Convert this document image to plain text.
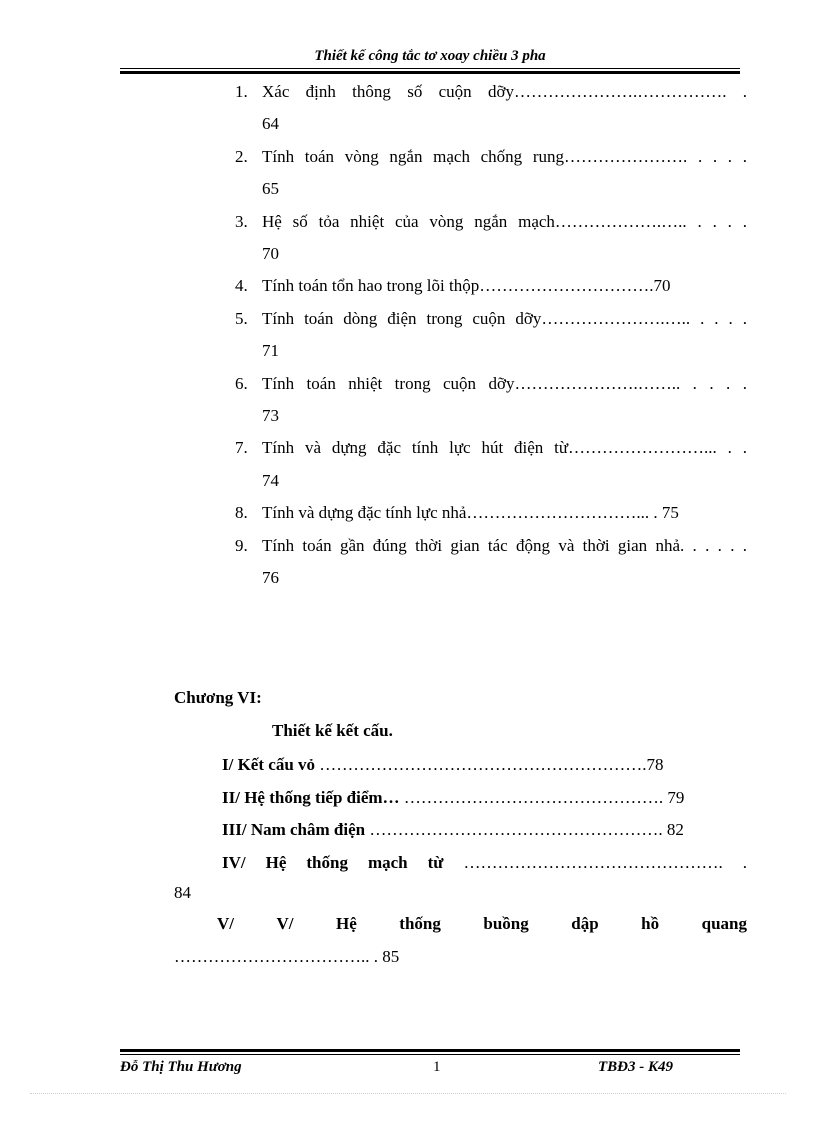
Thiết kế công tắc tơ xoay chiều 3 pha
1. Xác định thông số cuộn dỡy………………….……………. .
64
2. Tính toán vòng ngắn mạch chống rung…………………. . . . .
65
3. Hệ số tỏa nhiệt của vòng ngắn mạch……………….….. . . . .
70
4. Tính toán tổn hao trong lõi thộp………………………….70
5. Tính toán dòng điện trong cuộn dỡy………………….….. . . . .
71
6. Tính toán nhiệt trong cuộn dỡy………………….…….. . . . .
73
7. Tính và dựng đặc tính lực hút điện từ……………………... . .
74
8. Tính và dựng đặc tính lực nhả…………………………... . 75
9. Tính toán gần đúng thời gian tác động và thời gian nhả. . . . . .
76
Chương VI:
Thiết kế kết cấu.
I/ Kết cấu vỏ ………………………………………………….78
II/ Hệ thống tiếp điểm… ………………………………………. 79
III/ Nam châm điện ……………………………………………. 82
IV/ Hệ thống mạch từ ………………………………………. .
84
V/	V/	Hệ	thống	buồng	dập	hồ	quang
…………………………….. . 85
Đỗ Thị Thu Hương	1	TBĐ3 - K49
